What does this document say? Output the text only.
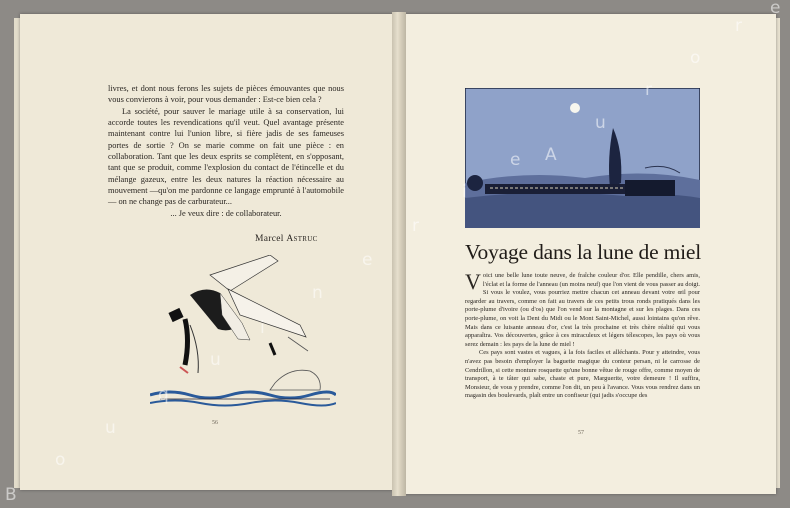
livres, et dont nous ferons les sujets de pièces émouvantes que nous vous convierons à voir, pour vous demander : Est-ce bien cela ?

La société, pour sauver le mariage utile à sa conservation, lui accorde toutes les revendications qu'il veut. Quel avantage présente maintenant contre lui l'union libre, si fière jadis de ses fameuses portes de sortie ? On se marie comme on fait une pièce : en collaboration. Tant que les deux esprits se complètent, en s'opposant, tant que se produit, comme l'explosion du contact de l'étincelle et du mélange gazeux, entre les deux natures la réaction nécessaire au mouvement —qu'on me pardonne ce langage emprunté à l'automobile — on ne change pas de carburateur...

... Je veux dire : de collaborateur.

Marcel Astruc
56
Voyage dans la lune de miel

Voici une belle lune toute neuve, de fraîche couleur d'or. Elle pendille, chers amis, l'éclat et la forme de l'anneau (un moins neuf) que l'on vient de vous passer au doigt. Si vous le voulez, vous pourriez mettre chacun cet anneau devant votre œil pour regarder au travers, comme on fait au travers de ces petits trous ronds pratiqués dans les porte-plume d'ivoire (ou d'os) que l'on vend sur la montagne et sur les plages. Dans ces porte-plume, on voit la Dent du Midi ou le Mont Saint-Michel, aussi lointains qu'on rêve. Mais dans ce luisante anneau d'or, c'est la très prochaine et très chère réalité qui vous apparaîtra. Vos découvertes, grâce à ces miraculeux et légers télescopes, les pays où vous serez demain : les pays de la lune de miel !

Ces pays sont vastes et vagues, à la fois faciles et alléchants. Pour y atteindre, vous n'avez pas besoin d'employer la baguette magique du conteur persan, ni le carrosse de Cendrillon, si cette monture rosquette qu'une bonne vêtue de rouge offre, comme moyen de transport, à te tâter qui sabe, chaste et pure, Marguerite, votre demeure ! Il suffira, Monsieur, de vous y prendre, comme l'on dit, un peu à l'avance. Vous vous rendrez dans un magasin des boulevards, plaît entre un confiseur (qui jadis s'occupe des

57
B
o
u
q
u
i
n
e
r
i
e A
u
r
o
r
e
